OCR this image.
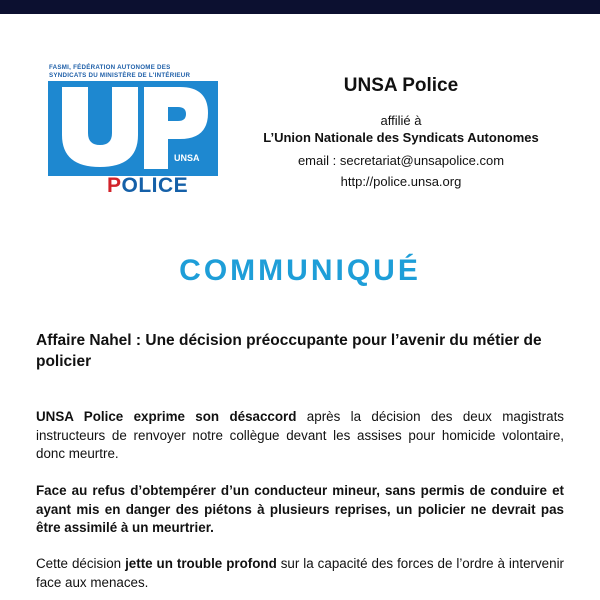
FASMI, FÉDÉRATION AUTONOME DES
SYNDICATS DU MINISTÈRE DE L'INTÉRIEUR
UNSA
POLICE
UNSA Police
affilié à
L’Union Nationale des Syndicats Autonomes
email : secretariat@unsapolice.com
http://police.unsa.org
COMMUNIQUÉ
Affaire Nahel : Une décision préoccupante pour l’avenir du métier de policier
UNSA Police exprime son désaccord après la décision des deux magistrats instructeurs de renvoyer notre collègue devant les assises pour homicide volontaire, donc meurtre.
Face au refus d’obtempérer d’un conducteur mineur, sans permis de conduire et ayant mis en danger des piétons à plusieurs reprises, un policier ne devrait pas être assimilé à un meurtrier.
Cette décision jette un trouble profond sur la capacité des forces de l’ordre à intervenir face aux menaces.
